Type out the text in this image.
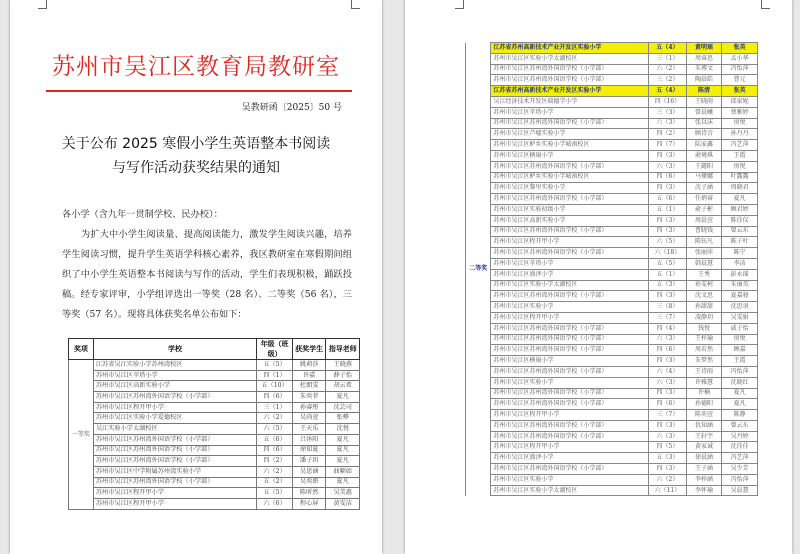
苏州市吴江区教育局教研室
吴教研函〔2025〕50 号
关于公布 2025 寒假小学生英语整本书阅读
与写作活动获奖结果的通知
各小学（含九年一贯制学校、民办校）：
为扩大中小学生阅读量、提高阅读能力，激发学生阅读兴趣，培养学生阅读习惯，提升学生英语学科核心素养，我区教研室在寒假期间组织了中小学生英语整本书阅读与写作的活动，学生们表现积极，踊跃投稿。经专家评审，小学组评选出一等奖（28 名）、二等奖（56 名），三等奖（57 名）。现将具体获奖名单公布如下：
奖项	学校	年级（班级）	获奖学生	指导老师
一等奖	江苏省吴江实验小学苏州湾校区	五（5）	姚莉莎	王晓燕
	苏州市吴江区苹塔小学	四（1）	许嘉	薛子怡
	苏州市吴江区高新实验小学	五（10）	杜朗雯	胡云希
	苏州市吴江区苏州湾外国语学校（小学部）	四（6）	朱奕菲	夏凡
	苏州市吴江区程开甲小学	三（1）	孙睿彤	沈芸司
	苏州市吴江区实验小学爱德校区	六（2）	吴尚萱	张桦
	吴江实验小学太湖校区	六（5）	王天乐	沈悦
	苏州市吴江区苏州湾外国语学校（小学部）	五（6）	吕沐阳	夏凡
	苏州市吴江区苏州湾外国语学校（小学部）	四（6）	徐知夏	夏凡
	苏州市吴江区苏州湾外国语学校（小学部）	四（2）	潘子玥	夏凡
	苏州市吴江区中学附属苏州湾实验小学	六（2）	吴思涵	曲颖如
	苏州市吴江区苏州湾外国语学校（小学部）	五（2）	吴奕妍	夏凡
	苏州市吴江区程开甲小学	五（5）	陈昕然	吴美惠
	苏州市吴江区程开甲小学	六（6）	程心屏	黄雯洁
二等奖	江苏省苏州高新技术产业开发区实验小学	五（4）	黄明瑶	张英
	苏州市吴江区实验小学太湖校区	三（1）	周睿思	孟小华
	苏州市吴江区苏州湾外国语学校（小学部）	六（2）	朱博文	冯怡萍
	苏州市吴江区苏州湾外国语学校（小学部）	三（2）	陶晨皓	曹元
	江苏省苏州高新技术产业开发区实验小学	五（4）	陈清	张英
	吴江经济技术开发区瑞德学小学	四（16）	王晓雨	邱家妮
	苏州市吴江区苹塔小学	三（3）	曾晨曦	蔡雅婷
	苏州市吴江区苏州湾外国语学校（小学部）	六（3）	张以沫	房悦
	苏州市吴江区芦墟实验小学	四（2）	顾诗音	孙丹丹
	苏州市吴江区鲈乡实验小学城南校区	四（7）	陆家鑫	冯艺萍
	苏州市吴江区横扇小学	四（3）	俞境琪	王霞
	苏州市吴江区苏州湾外国语学校（小学部）	六（3）	王懿阳	房悦
	苏州市吴江区鲈乡实验小学城南校区	四（6）	马懂娜	叶露露
	苏州市吴江区黎里实验小学	四（3）	沈子涵	周晓君
	苏州市吴江区苏州湾外国语学校（小学部）	五（6）	任炳睿	夏凡
	苏州市吴江区实验初级小学	五（1）	俞子彬	顾君婷
	苏州市吴江区高新实验小学	四（3）	周晨萱	陈佳仪
	苏州市吴江区苏州湾外国语学校（小学部）	四（3）	曹晓钱	曾云东
	苏州市吴江区程开甲小学	六（5）	陈钰凡	陈子叶
	苏州市吴江区苏州湾外国语学校（小学部）	六（18）	张丽萍	陈宁
	苏州市吴江区苹塔小学	五（5）	韩晨慧	李洁
	苏州市吴江区盛泽小学	五（1）	王秀	彭永瑶
	苏州市吴江区实验小学太湖校区	五（3）	孙雯柯	朱丽英
	苏州市吴江区苏州湾外国语学校（小学部）	四（3）	沈文思	夏嘉骏
	苏州市吴江区实验小学	三（8）	孙甜甜	沈思羽
	苏州市吴江区程开甲小学	三（7）	凌静玥	吴雯娟
	苏州市吴江区苏州湾外国语学校（小学部）	四（4）	钱悦	戚子怡
	苏州市吴江区苏州湾外国语学校（小学部）	六（3）	王梓瑜	房悦
	苏州市吴江区苏州湾外国语学校（小学部）	四（6）	周若然	顾嘉
	苏州市吴江区横扇小学	四（3）	朱梦然	王霞
	苏州市吴江区苏州湾外国语学校（小学部）	六（4）	王诗雨	冯怡萍
	苏州市吴江区实验小学	六（3）	许雅慧	沈晓红
	苏州市吴江区苏州湾外国语学校（小学部）	四（3）	许楠	夏凡
	苏州市吴江区苏州湾外国语学校（小学部）	四（6）	孙德阳	夏凡
	苏州市吴江区程开甲小学	三（7）	陈奕萱	陈静
	苏州市吴江区苏州湾外国语学校（小学部）	四（3）	仇知涵	曾云东
	苏州市吴江区苏州湾外国语学校（小学部）	六（3）	王轩宇	吴丹婷
	苏州市吴江区程开甲小学	四（5）	黄家诚	沈佳佳
	苏州市吴江区盛泽小学	五（3）	徐晨涵	冯艺萍
	苏州市吴江区苏州湾外国语学校（小学部）	四（3）	王子涵	吴少芳
	苏州市吴江区实验小学	六（2）	李梓涵	冯怡萍
	苏州市吴江区实验小学太湖校区	六（11）	李怀瑜	吴晨慧
